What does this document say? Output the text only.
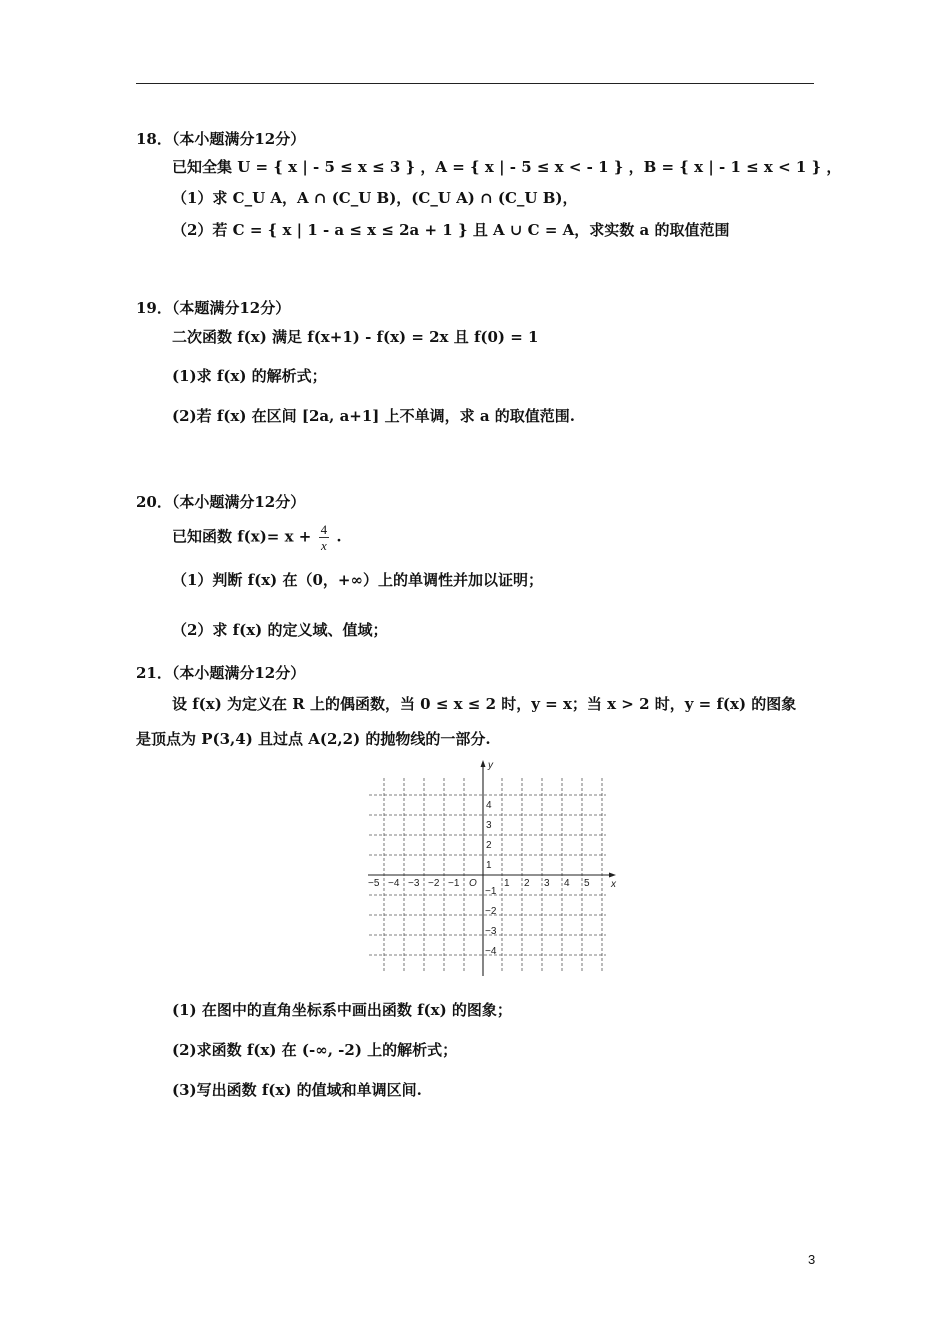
18．（本小题满分12分）
已知全集 U = { x | - 5 ≤ x ≤ 3 } ，A = { x | - 5 ≤ x < - 1 } ，B = { x | - 1 ≤ x < 1 } ，
（1）求 C_U A，A ∩ (C_U B)，(C_U A) ∩ (C_U B)，
（2）若 C = { x | 1 - a ≤ x ≤ 2a + 1 } 且 A ∪ C = A，求实数 a 的取值范围
19．（本题满分12分）
二次函数 f(x) 满足 f(x+1) - f(x) = 2x 且 f(0) = 1
(1)求 f(x) 的解析式；
(2)若 f(x) 在区间 [2a, a+1] 上不单调，求 a 的取值范围.
20．（本小题满分12分）
已知函数 $f(x)= x + \frac{4}{x}$ .
（1）判断 f(x) 在（0，+∞）上的单调性并加以证明；
（2）求 f(x) 的定义域、值域；
21．（本小题满分12分）
设 f(x) 为定义在 R 上的偶函数，当 0 ≤ x ≤ 2 时，y = x；当 x > 2 时，y = f(x) 的图象
是顶点为 P(3,4) 且过点 A(2,2) 的抛物线的一部分.
x
y
O
−5 −4 −3 −2 −1	1 2 3 4 5
4
3
2
1
−1
−2
−3
−4
(1) 在图中的直角坐标系中画出函数 f(x) 的图象；
(2)求函数 f(x) 在 (-∞, -2) 上的解析式；
(3)写出函数 f(x) 的值域和单调区间.
3
